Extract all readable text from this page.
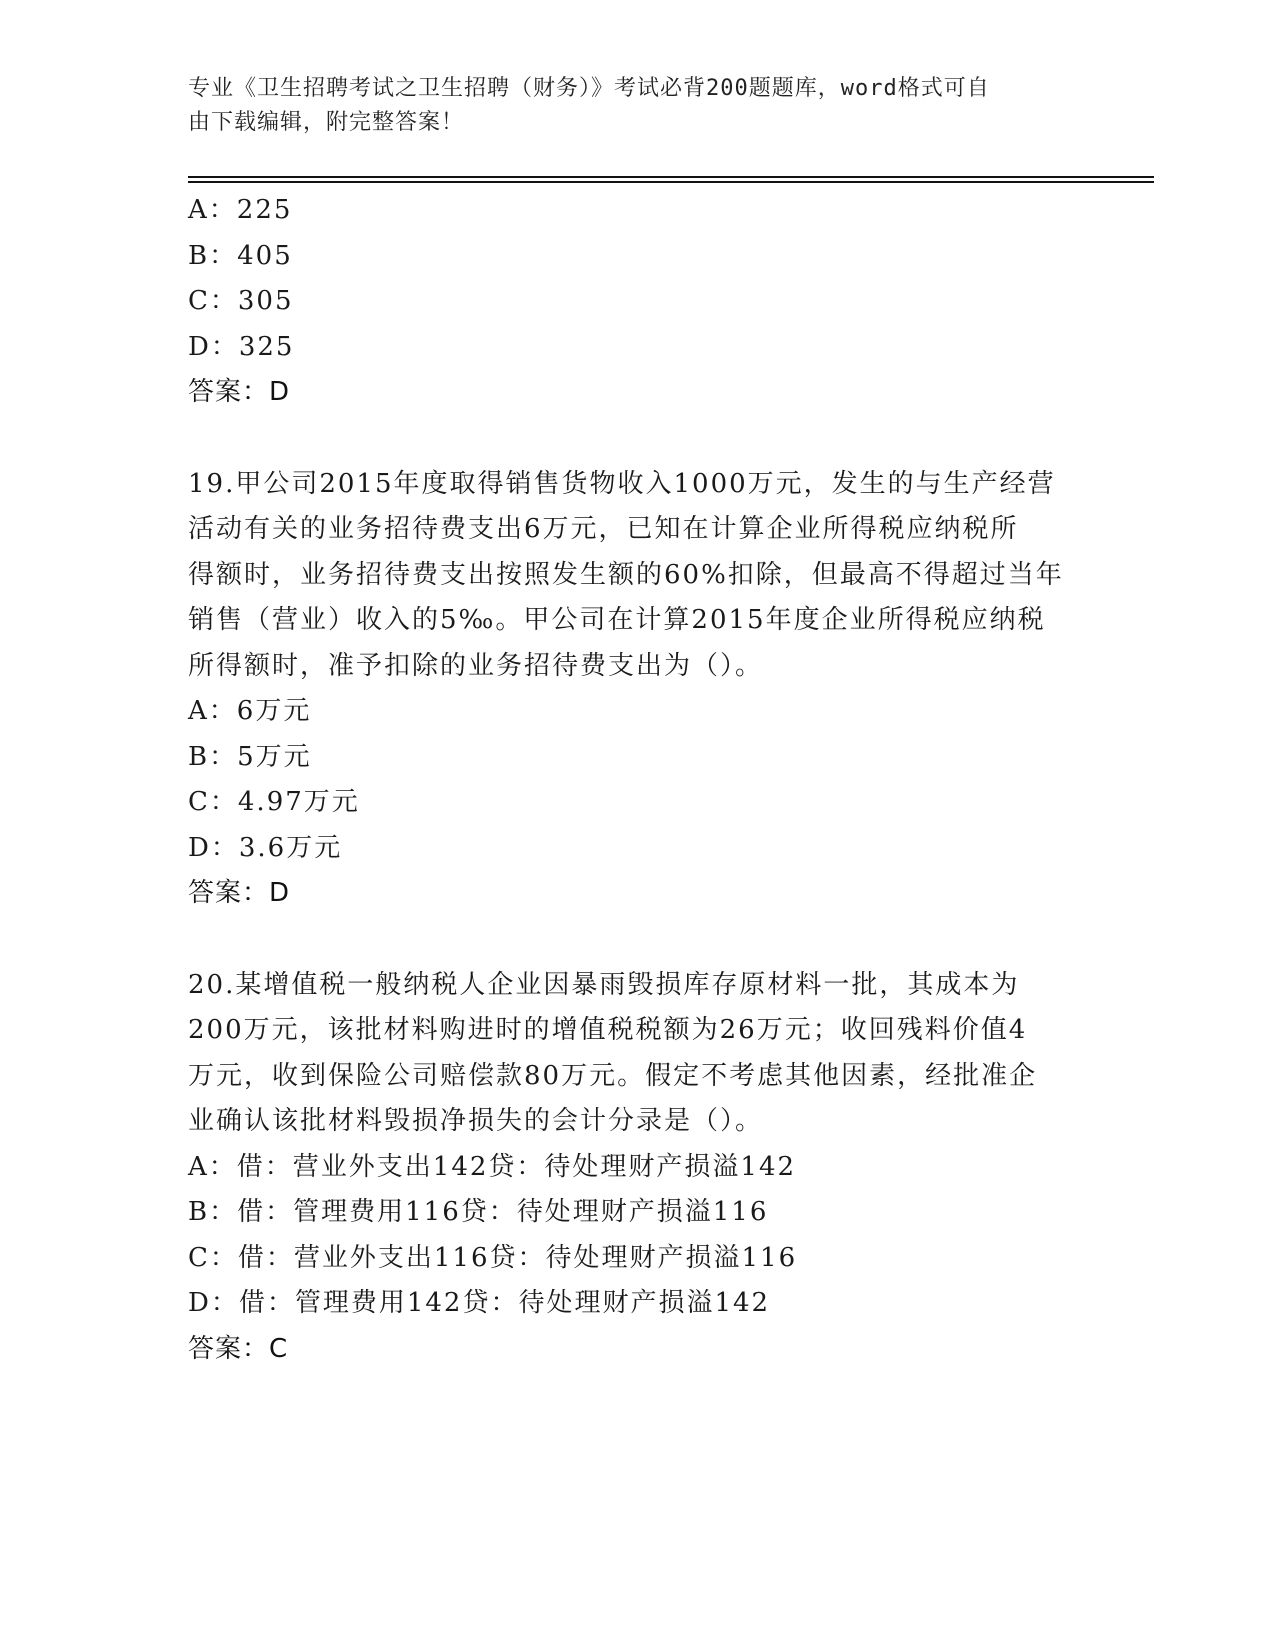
专业《卫生招聘考试之卫生招聘（财务）》考试必背200题题库，word格式可自
由下载编辑，附完整答案！
A：225
B：405
C：305
D：325
答案：D
19.甲公司2015年度取得销售货物收入1000万元，发生的与生产经营
活动有关的业务招待费支出6万元，已知在计算企业所得税应纳税所
得额时，业务招待费支出按照发生额的60%扣除，但最高不得超过当年
销售（营业）收入的5‰。甲公司在计算2015年度企业所得税应纳税
所得额时，准予扣除的业务招待费支出为（）。
A：6万元
B：5万元
C：4.97万元
D：3.6万元
答案：D
20.某增值税一般纳税人企业因暴雨毁损库存原材料一批，其成本为
200万元，该批材料购进时的增值税税额为26万元；收回残料价值4
万元，收到保险公司赔偿款80万元。假定不考虑其他因素，经批准企
业确认该批材料毁损净损失的会计分录是（）。
A：借：营业外支出142贷：待处理财产损溢142
B：借：管理费用116贷：待处理财产损溢116
C：借：营业外支出116贷：待处理财产损溢116
D：借：管理费用142贷：待处理财产损溢142
答案：C
